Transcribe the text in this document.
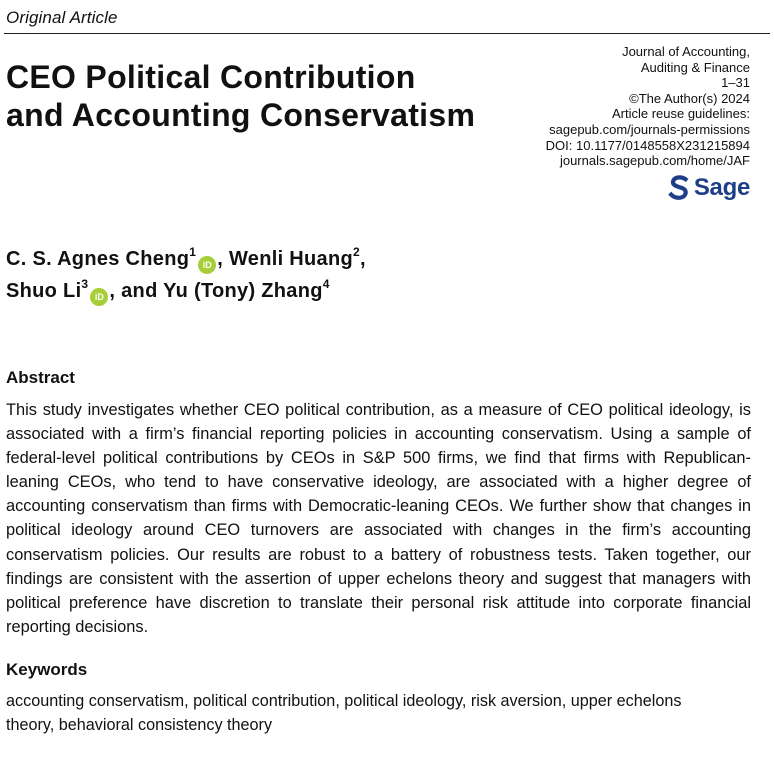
Original Article
CEO Political Contribution
and Accounting Conservatism
Journal of Accounting,
Auditing & Finance
1–31
©The Author(s) 2024
Article reuse guidelines:
sagepub.com/journals-permissions
DOI: 10.1177/0148558X231215894
journals.sagepub.com/home/JAF
Sage
C. S. Agnes Cheng$^1$iD , Wenli Huang$^2$,
Shuo Li$^3$iD , and Yu (Tony) Zhang$^4$
Abstract
This study investigates whether CEO political contribution, as a measure of CEO political ideology, is associated with a firm’s financial reporting policies in accounting conservatism. Using a sample of federal-level political contributions by CEOs in S&P 500 firms, we find that firms with Republican-leaning CEOs, who tend to have conservative ideology, are associated with a higher degree of accounting conservatism than firms with Democratic-leaning CEOs. We further show that changes in political ideology around CEO turnovers are associated with changes in the firm’s accounting conservatism policies. Our results are robust to a battery of robustness tests. Taken together, our findings are consistent with the assertion of upper echelons theory and suggest that managers with political preference have discretion to translate their personal risk attitude into corporate financial reporting decisions.
Keywords
accounting conservatism, political contribution, political ideology, risk aversion, upper echelons theory, behavioral consistency theory
